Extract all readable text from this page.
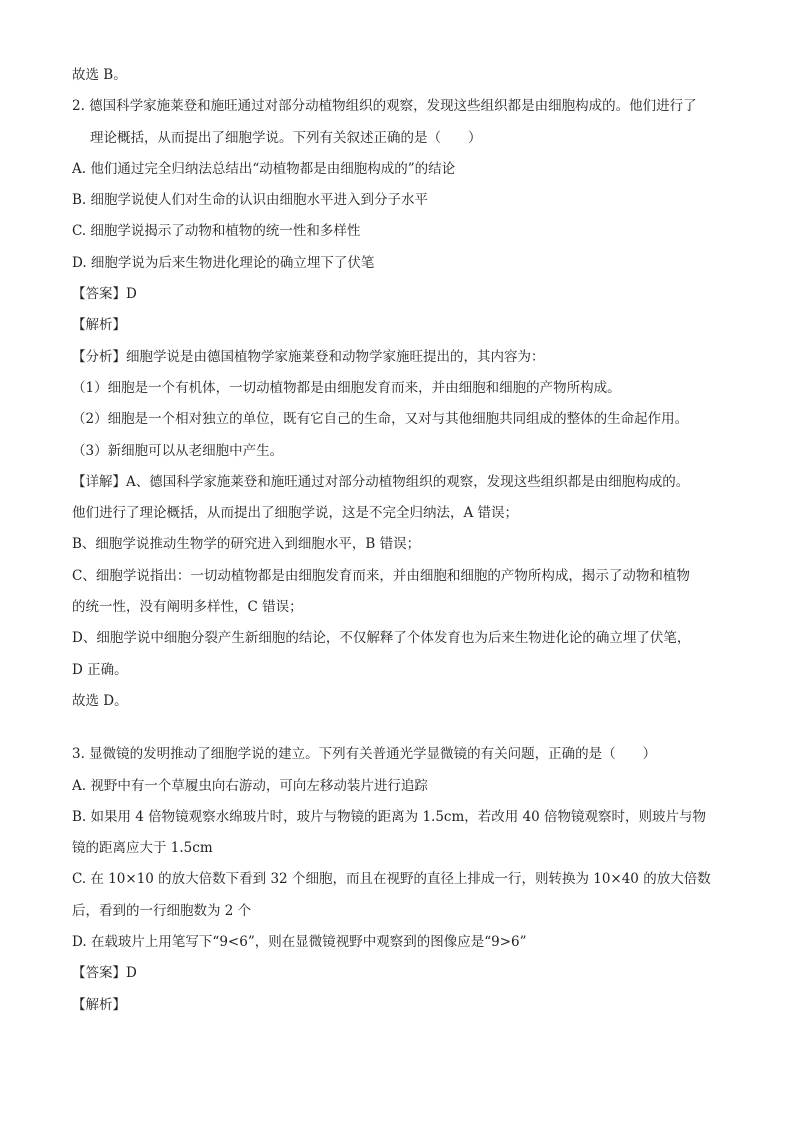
故选 B。
2. 德国科学家施莱登和施旺通过对部分动植物组织的观察，发现这些组织都是由细胞构成的。他们进行了
理论概括，从而提出了细胞学说。下列有关叙述正确的是（　　）
A. 他们通过完全归纳法总结出“动植物都是由细胞构成的”的结论
B. 细胞学说使人们对生命的认识由细胞水平进入到分子水平
C. 细胞学说揭示了动物和植物的统一性和多样性
D. 细胞学说为后来生物进化理论的确立埋下了伏笔
【答案】D
【解析】
【分析】细胞学说是由德国植物学家施莱登和动物学家施旺提出的，其内容为：
（1）细胞是一个有机体，一切动植物都是由细胞发育而来，并由细胞和细胞的产物所构成。
（2）细胞是一个相对独立的单位，既有它自己的生命，又对与其他细胞共同组成的整体的生命起作用。
（3）新细胞可以从老细胞中产生。
【详解】A、德国科学家施莱登和施旺通过对部分动植物组织的观察，发现这些组织都是由细胞构成的。
他们进行了理论概括，从而提出了细胞学说，这是不完全归纳法，A 错误；
B、细胞学说推动生物学的研究进入到细胞水平，B 错误；
C、细胞学说指出：一切动植物都是由细胞发育而来，并由细胞和细胞的产物所构成，揭示了动物和植物
的统一性，没有阐明多样性，C 错误；
D、细胞学说中细胞分裂产生新细胞的结论，不仅解释了个体发育也为后来生物进化论的确立埋了伏笔，
D 正确。
故选 D。
3. 显微镜的发明推动了细胞学说的建立。下列有关普通光学显微镜的有关问题，正确的是（　　）
A. 视野中有一个草履虫向右游动，可向左移动装片进行追踪
B. 如果用 4 倍物镜观察水绵玻片时，玻片与物镜的距离为 1.5cm，若改用 40 倍物镜观察时，则玻片与物
镜的距离应大于 1.5cm
C. 在 10×10 的放大倍数下看到 32 个细胞，而且在视野的直径上排成一行，则转换为 10×40 的放大倍数
后，看到的一行细胞数为 2 个
D. 在载玻片上用笔写下“9<6”，则在显微镜视野中观察到的图像应是“9>6”
【答案】D
【解析】
